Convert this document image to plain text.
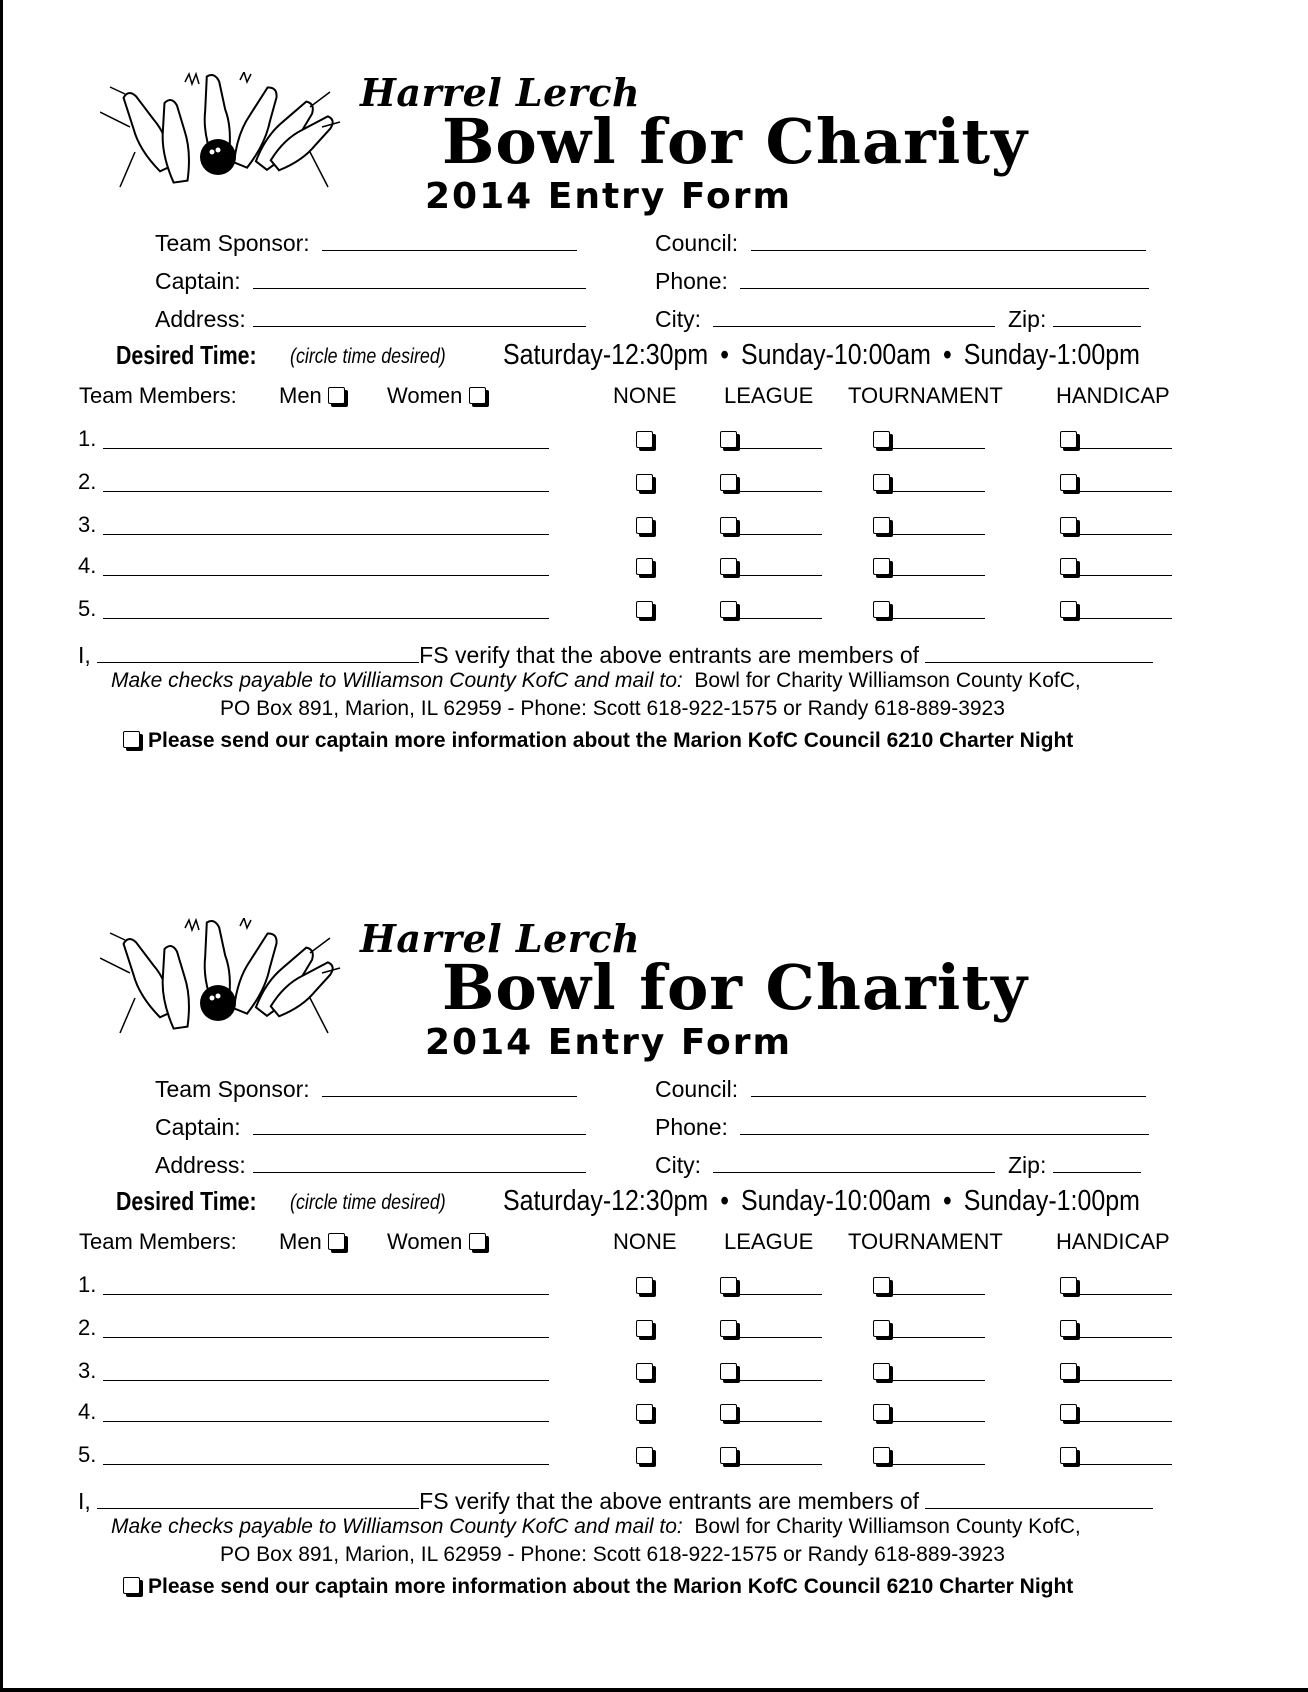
Harrel Lerch
Bowl for Charity
2014 Entry Form
Team Sponsor:	Council:
Captain:	Phone:
Address:	City:	Zip:
Desired Time: (circle time desired) Saturday-12:30pm • Sunday-10:00am • Sunday-1:00pm
Team Members: Men	Women	NONE LEAGUE TOURNAMENT HANDICAP
1.
2.
3.
4.
5.
I,	FS verify that the above entrants are members of
Make checks payable to Williamson County KofC and mail to: Bowl for Charity Williamson County KofC,
PO Box 891, Marion, IL 62959 - Phone: Scott 618-922-1575 or Randy 618-889-3923
Please send our captain more information about the Marion KofC Council 6210 Charter Night
Harrel Lerch
Bowl for Charity
2014 Entry Form
Team Sponsor:	Council:
Captain:	Phone:
Address:	City:	Zip:
Desired Time: (circle time desired) Saturday-12:30pm • Sunday-10:00am • Sunday-1:00pm
Team Members: Men	Women	NONE LEAGUE TOURNAMENT HANDICAP
1.
2.
3.
4.
5.
I,	FS verify that the above entrants are members of
Make checks payable to Williamson County KofC and mail to: Bowl for Charity Williamson County KofC,
PO Box 891, Marion, IL 62959 - Phone: Scott 618-922-1575 or Randy 618-889-3923
Please send our captain more information about the Marion KofC Council 6210 Charter Night
